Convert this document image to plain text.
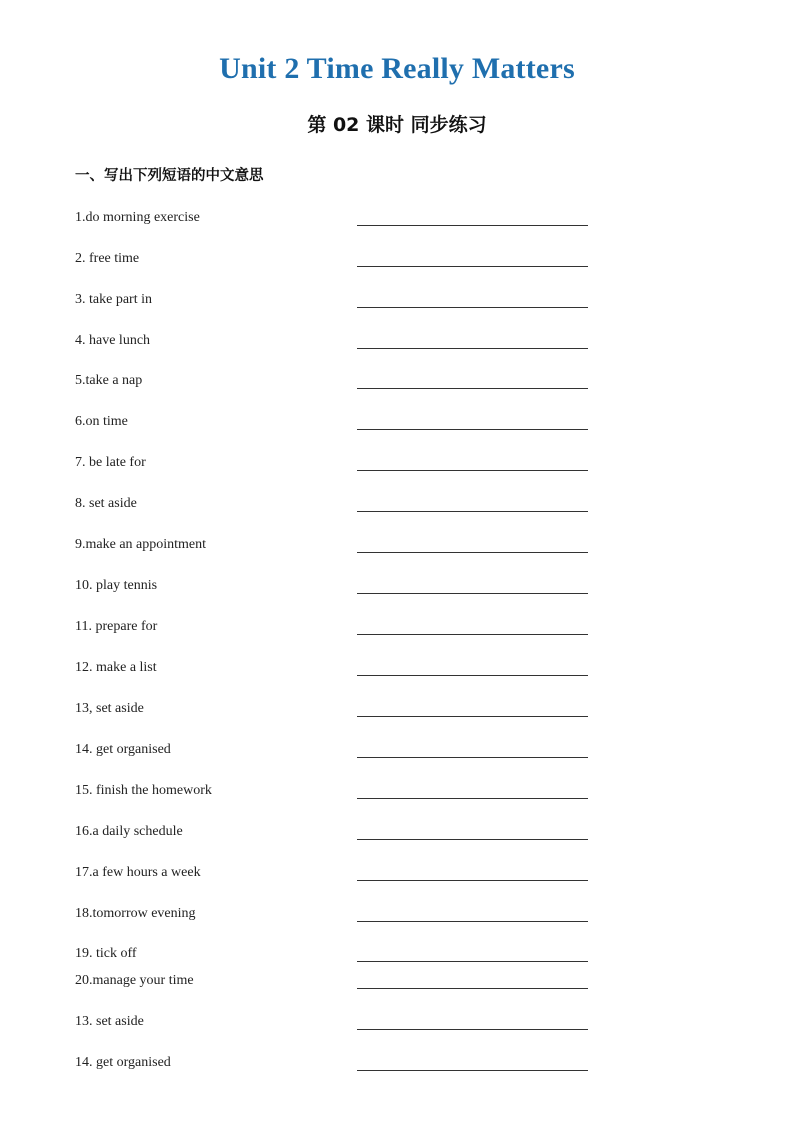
Unit 2 Time Really Matters
第 02 课时 同步练习
一、写出下列短语的中文意思
1.do morning exercise
2. free time
3. take part in
4. have lunch
5.take a nap
6.on time
7. be late for
8. set aside
9.make an appointment
10. play tennis
11. prepare for
12. make a list
13, set aside
14. get organised
15. finish the homework
16.a daily schedule
17.a few hours a week
18.tomorrow evening
19. tick off
20.manage your time
13. set aside
14. get organised
